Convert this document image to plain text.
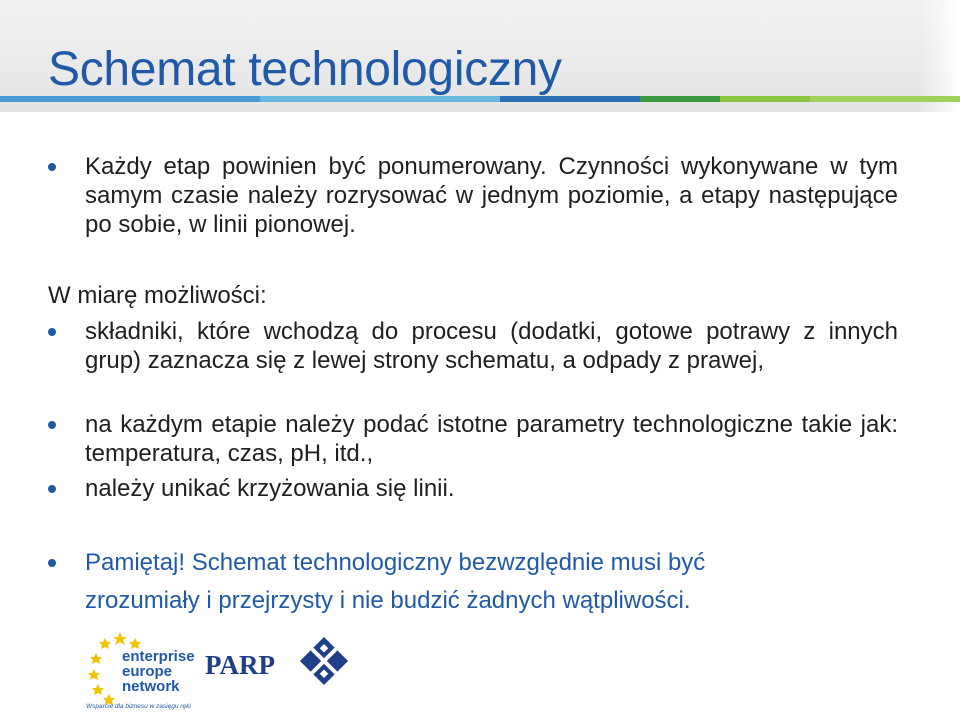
Schemat technologiczny

Każdy etap powinien być ponumerowany. Czynności wykonywane w tym samym czasie należy rozrysować w jednym poziomie, a etapy następujące po sobie, w linii pionowej.

W miarę możliwości:

składniki, które wchodzą do procesu (dodatki, gotowe potrawy z innych grup) zaznacza się z lewej strony schematu, a odpady z prawej,

na każdym etapie należy podać istotne parametry technologiczne takie jak: temperatura, czas, pH, itd.,

należy unikać krzyżowania się linii.

Pamiętaj! Schemat technologiczny bezwzględnie musi być zrozumiały i przejrzysty i nie budzić żadnych wątpliwości.

enterprise
europe
network
Wsparcie dla biznesu w zasięgu ręki
PARP
